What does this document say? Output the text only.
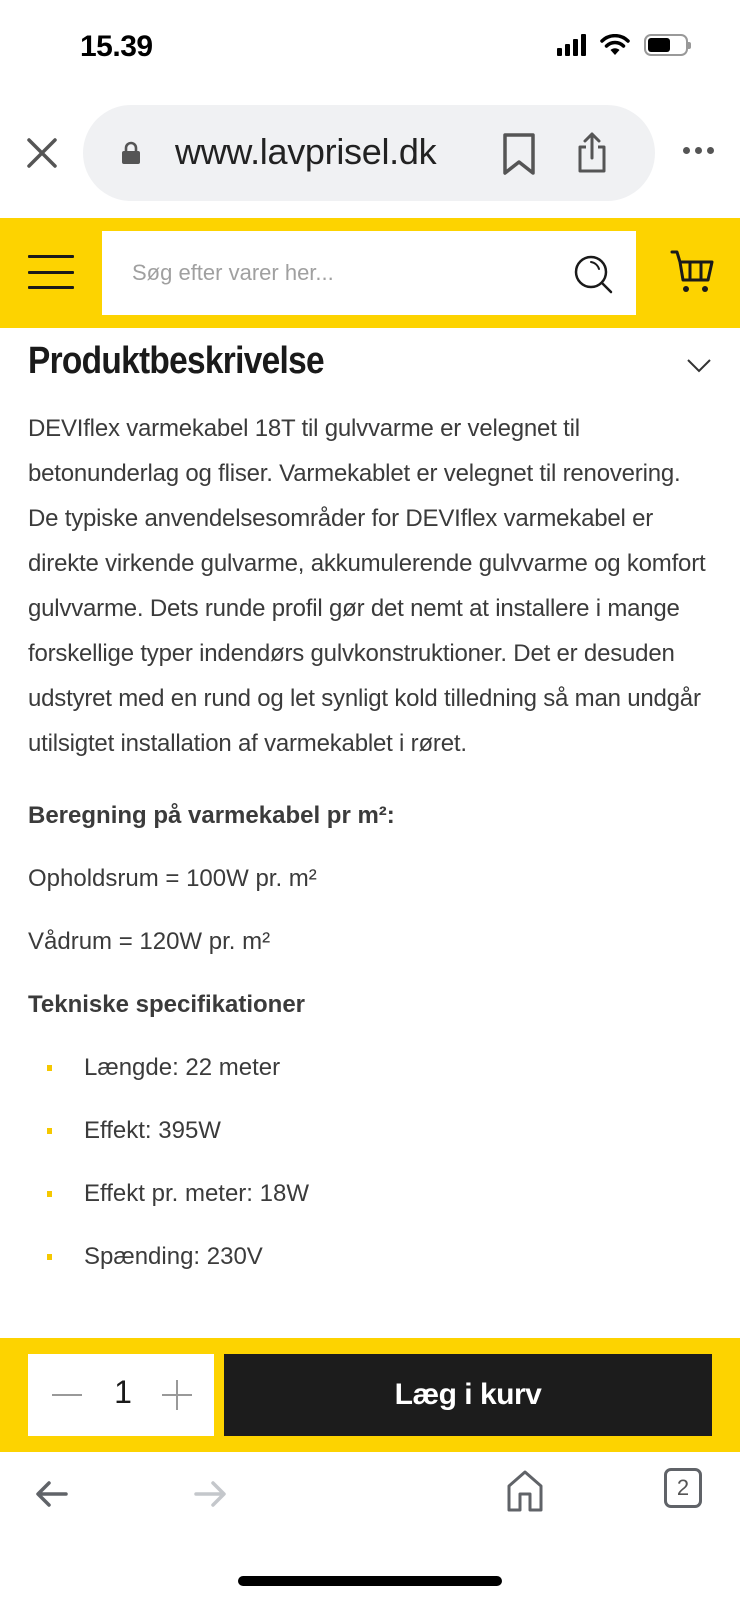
15.39
www.lavprisel.dk
Søg efter varer her...
Produktbeskrivelse

DEVIflex varmekabel 18T til gulvvarme er velegnet til betonunderlag og fliser. Varmekablet er velegnet til renovering. De typiske anvendelsesområder for DEVIflex varmekabel er direkte virkende gulvarme, akkumulerende gulvvarme og komfort gulvvarme. Dets runde profil gør det nemt at installere i mange forskellige typer indendørs gulvkonstruktioner. Det er desuden udstyret med en rund og let synligt kold tilledning så man undgår utilsigtet installation af varmekablet i røret.

Beregning på varmekabel pr m²:

Opholdsrum = 100W pr. m²

Vådrum = 120W pr. m²

Tekniske specifikationer

Længde: 22 meter
Effekt: 395W
Effekt pr. meter: 18W
Spænding: 230V
1	Læg i kurv
2
